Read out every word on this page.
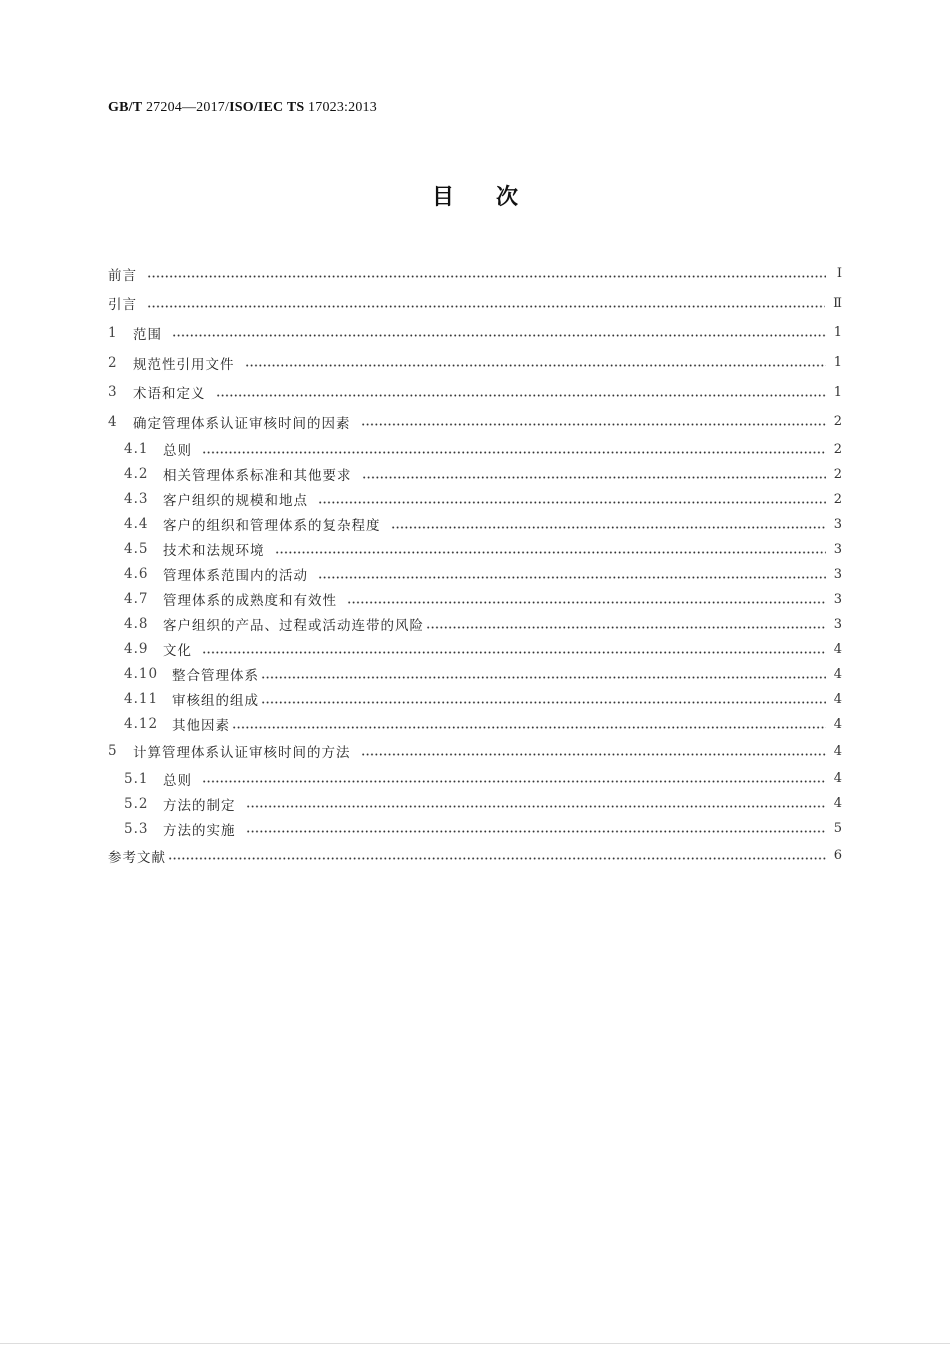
GB/T 27204—2017/ISO/IEC TS 17023:2013
目次
前言	Ⅰ
引言	Ⅱ
1	范围	1
2	规范性引用文件	1
3	术语和定义	1
4	确定管理体系认证审核时间的因素	2
4.1	总则	2
4.2	相关管理体系标准和其他要求	2
4.3	客户组织的规模和地点	2
4.4	客户的组织和管理体系的复杂程度	3
4.5	技术和法规环境	3
4.6	管理体系范围内的活动	3
4.7	管理体系的成熟度和有效性	3
4.8	客户组织的产品、过程或活动连带的风险	3
4.9	文化	4
4.10	整合管理体系	4
4.11	审核组的组成	4
4.12	其他因素	4
5	计算管理体系认证审核时间的方法	4
5.1	总则	4
5.2	方法的制定	4
5.3	方法的实施	5
参考文献	6
